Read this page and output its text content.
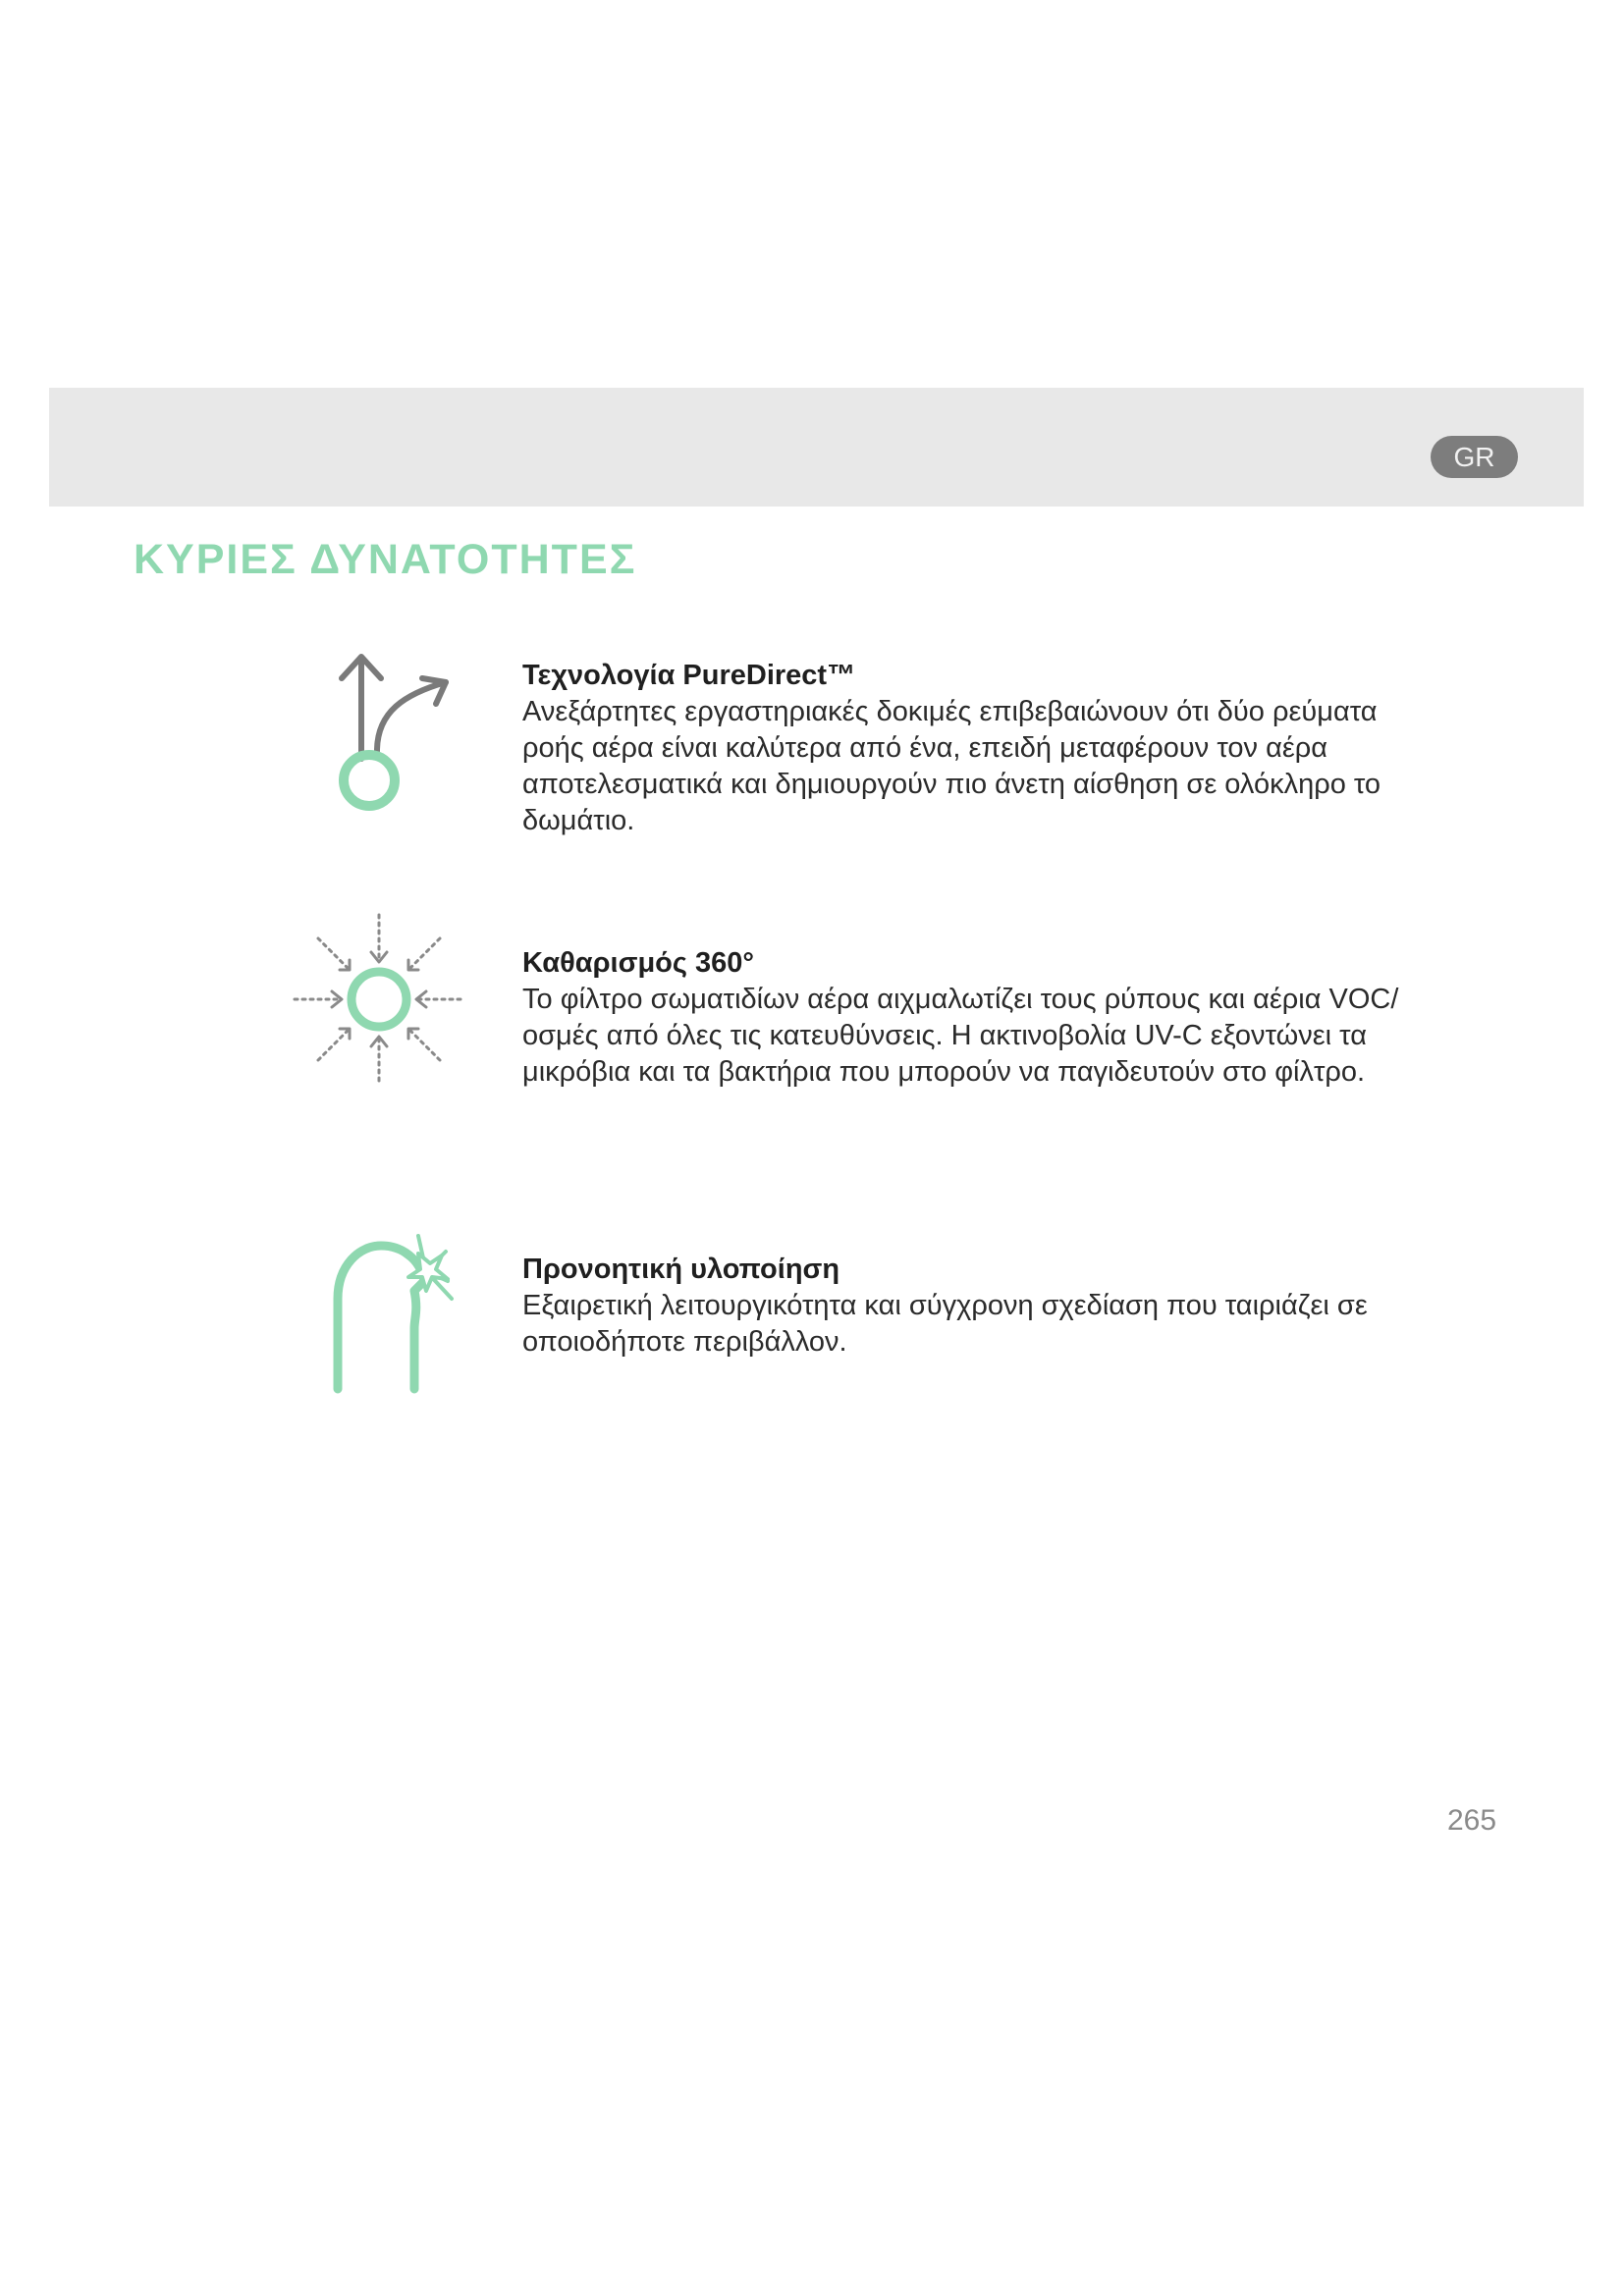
GR
ΚΥΡΙΕΣ ΔΥΝΑΤΟΤΗΤΕΣ
Τεχνολογία PureDirect™
Ανεξάρτητες εργαστηριακές δοκιμές επιβεβαιώνουν ότι δύο ρεύματα
ροής αέρα είναι καλύτερα από ένα, επειδή μεταφέρουν τον αέρα
αποτελεσματικά και δημιουργούν πιο άνετη αίσθηση σε ολόκληρο το
δωμάτιο.
Καθαρισμός 360°
Το φίλτρο σωματιδίων αέρα αιχμαλωτίζει τους ρύπους και αέρια VOC/
οσμές από όλες τις κατευθύνσεις. Η ακτινοβολία UV-C εξοντώνει τα
μικρόβια και τα βακτήρια που μπορούν να παγιδευτούν στο φίλτρο.
Προνοητική υλοποίηση
Εξαιρετική λειτουργικότητα και σύγχρονη σχεδίαση που ταιριάζει σε
οποιοδήποτε περιβάλλον.
265
